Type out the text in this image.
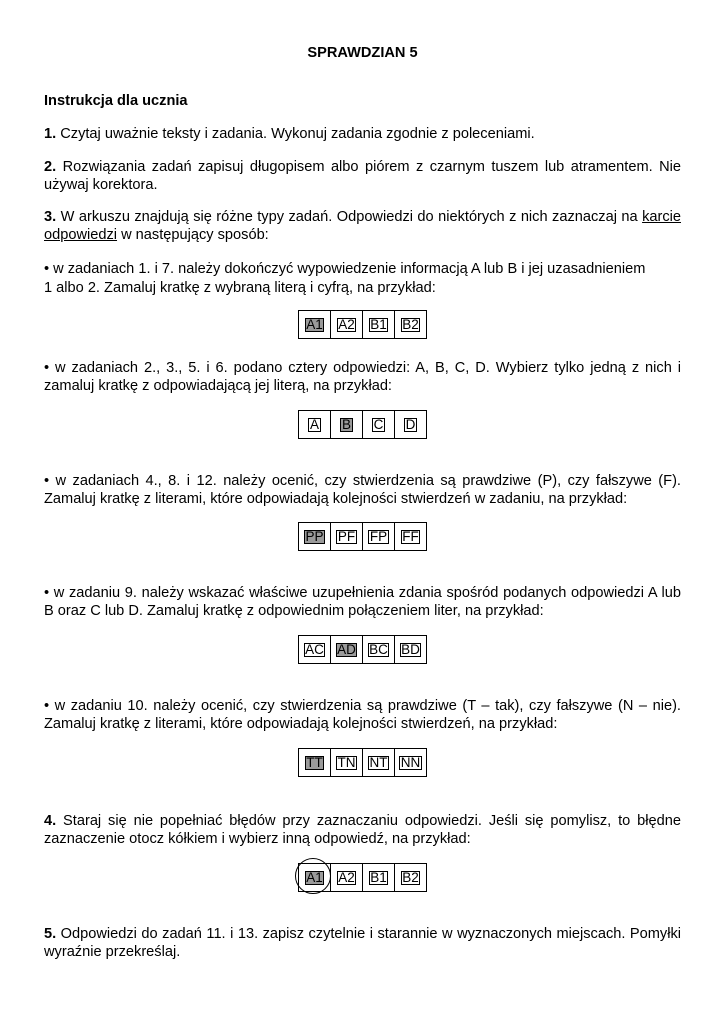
SPRAWDZIAN 5
Instrukcja dla ucznia
1. Czytaj uważnie teksty i zadania. Wykonuj zadania zgodnie z poleceniami.
2. Rozwiązania zadań zapisuj długopisem albo piórem z czarnym tuszem lub atramentem. Nie używaj korektora.
3. W arkuszu znajdują się różne typy zadań. Odpowiedzi do niektórych z nich zaznaczaj na karcie odpowiedzi w następujący sposób:
• w zadaniach 1. i 7. należy dokończyć wypowiedzenie informacją A lub B i jej uzasadnieniem
1 albo 2. Zamaluj kratkę z wybraną literą i cyfrą, na przykład:
A1 A2 B1 B2
• w zadaniach 2., 3., 5. i 6. podano cztery odpowiedzi: A, B, C, D. Wybierz tylko jedną z nich i zamaluj kratkę z odpowiadającą jej literą, na przykład:
A B C D
• w zadaniach 4., 8. i 12. należy ocenić, czy stwierdzenia są prawdziwe (P), czy fałszywe (F). Zamaluj kratkę z literami, które odpowiadają kolejności stwierdzeń w zadaniu, na przykład:
PP PF FP FF
• w zadaniu 9. należy wskazać właściwe uzupełnienia zdania spośród podanych odpowiedzi A lub B oraz C lub D. Zamaluj kratkę z odpowiednim połączeniem liter, na przykład:
AC AD BC BD
• w zadaniu 10. należy ocenić, czy stwierdzenia są prawdziwe (T – tak), czy fałszywe (N – nie). Zamaluj kratkę z literami, które odpowiadają kolejności stwierdzeń, na przykład:
TT TN NT NN
4. Staraj się nie popełniać błędów przy zaznaczaniu odpowiedzi. Jeśli się pomylisz, to błędne zaznaczenie otocz kółkiem i wybierz inną odpowiedź, na przykład:
A1 A2 B1 B2
5. Odpowiedzi do zadań 11. i 13. zapisz czytelnie i starannie w wyznaczonych miejscach. Pomyłki wyraźnie przekreślaj.
